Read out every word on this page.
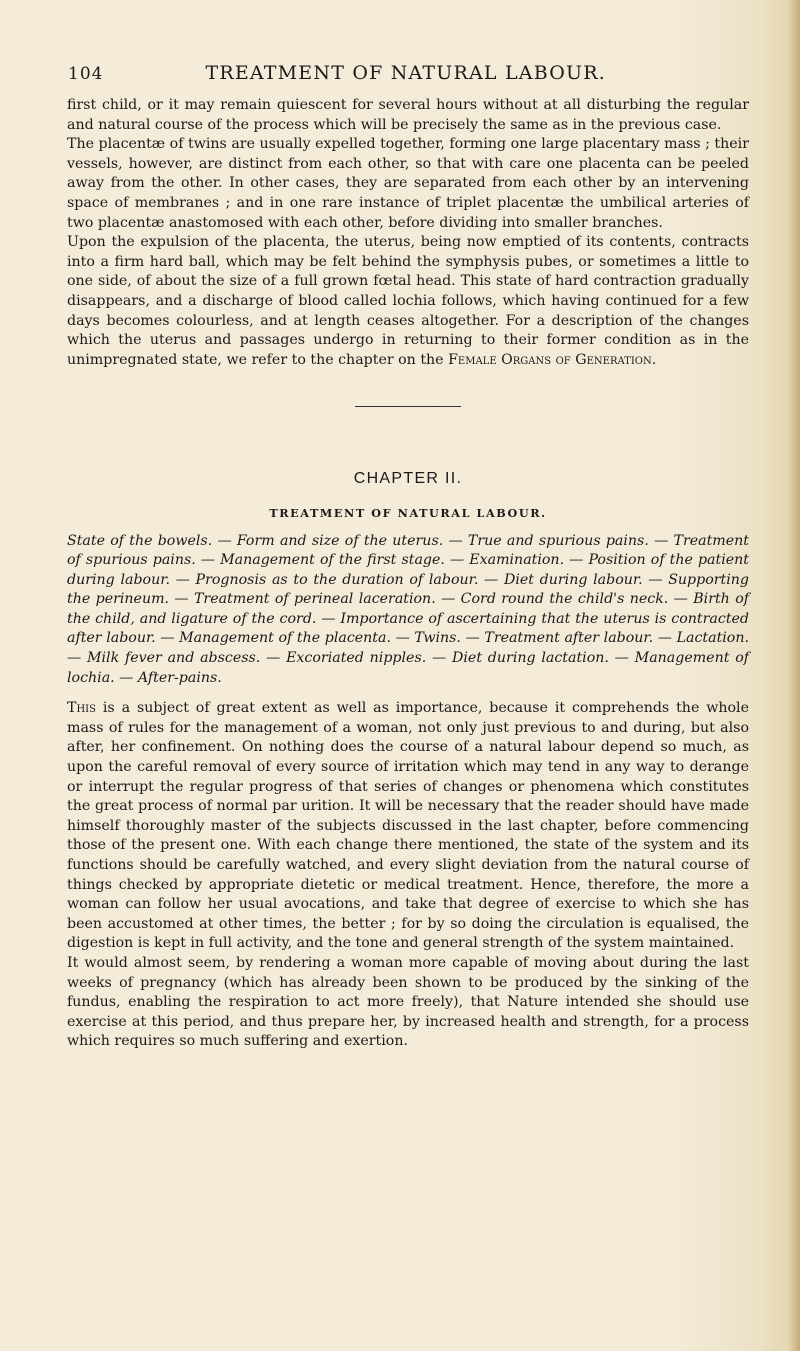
104	TREATMENT OF NATURAL LABOUR.

first child, or it may remain quiescent for several hours without at all disturbing the regular and natural course of the process which will be precisely the same as in the previous case.

The placentæ of twins are usually expelled together, forming one large placentary mass ; their vessels, however, are distinct from each other, so that with care one placenta can be peeled away from the other. In other cases, they are separated from each other by an intervening space of membranes ; and in one rare instance of triplet placentæ the umbilical arteries of two placentæ anastomosed with each other, before dividing into smaller branches.

Upon the expulsion of the placenta, the uterus, being now emptied of its contents, contracts into a firm hard ball, which may be felt behind the symphysis pubes, or sometimes a little to one side, of about the size of a full grown fœtal head. This state of hard contraction gradually disappears, and a discharge of blood called lochia follows, which having continued for a few days becomes colourless, and at length ceases altogether. For a description of the changes which the uterus and passages undergo in returning to their former condition as in the unimpregnated state, we refer to the chapter on the Female Organs of Generation.

CHAPTER II.
TREATMENT OF NATURAL LABOUR.
State of the bowels. — Form and size of the uterus. — True and spurious pains. — Treatment of spurious pains. — Management of the first stage. — Examination. — Position of the patient during labour. — Prognosis as to the duration of labour. — Diet during labour. — Supporting the perineum. — Treatment of perineal laceration. — Cord round the child's neck. — Birth of the child, and ligature of the cord. — Importance of ascertaining that the uterus is contracted after labour. — Management of the placenta. — Twins. — Treatment after labour. — Lactation. — Milk fever and abscess. — Excoriated nipples. — Diet during lactation. — Management of lochia. — After-pains.

This is a subject of great extent as well as importance, because it comprehends the whole mass of rules for the management of a woman, not only just previous to and during, but also after, her confinement. On nothing does the course of a natural labour depend so much, as upon the careful removal of every source of irritation which may tend in any way to derange or interrupt the regular progress of that series of changes or phenomena which constitutes the great process of normal par urition. It will be necessary that the reader should have made himself thoroughly master of the subjects discussed in the last chapter, before commencing those of the present one. With each change there mentioned, the state of the system and its functions should be carefully watched, and every slight deviation from the natural course of things checked by appropriate dietetic or medical treatment. Hence, therefore, the more a woman can follow her usual avocations, and take that degree of exercise to which she has been accustomed at other times, the better ; for by so doing the circulation is equalised, the digestion is kept in full activity, and the tone and general strength of the system maintained.

It would almost seem, by rendering a woman more capable of moving about during the last weeks of pregnancy (which has already been shown to be produced by the sinking of the fundus, enabling the respiration to act more freely), that Nature intended she should use exercise at this period, and thus prepare her, by increased health and strength, for a process which requires so much suffering and exertion.
